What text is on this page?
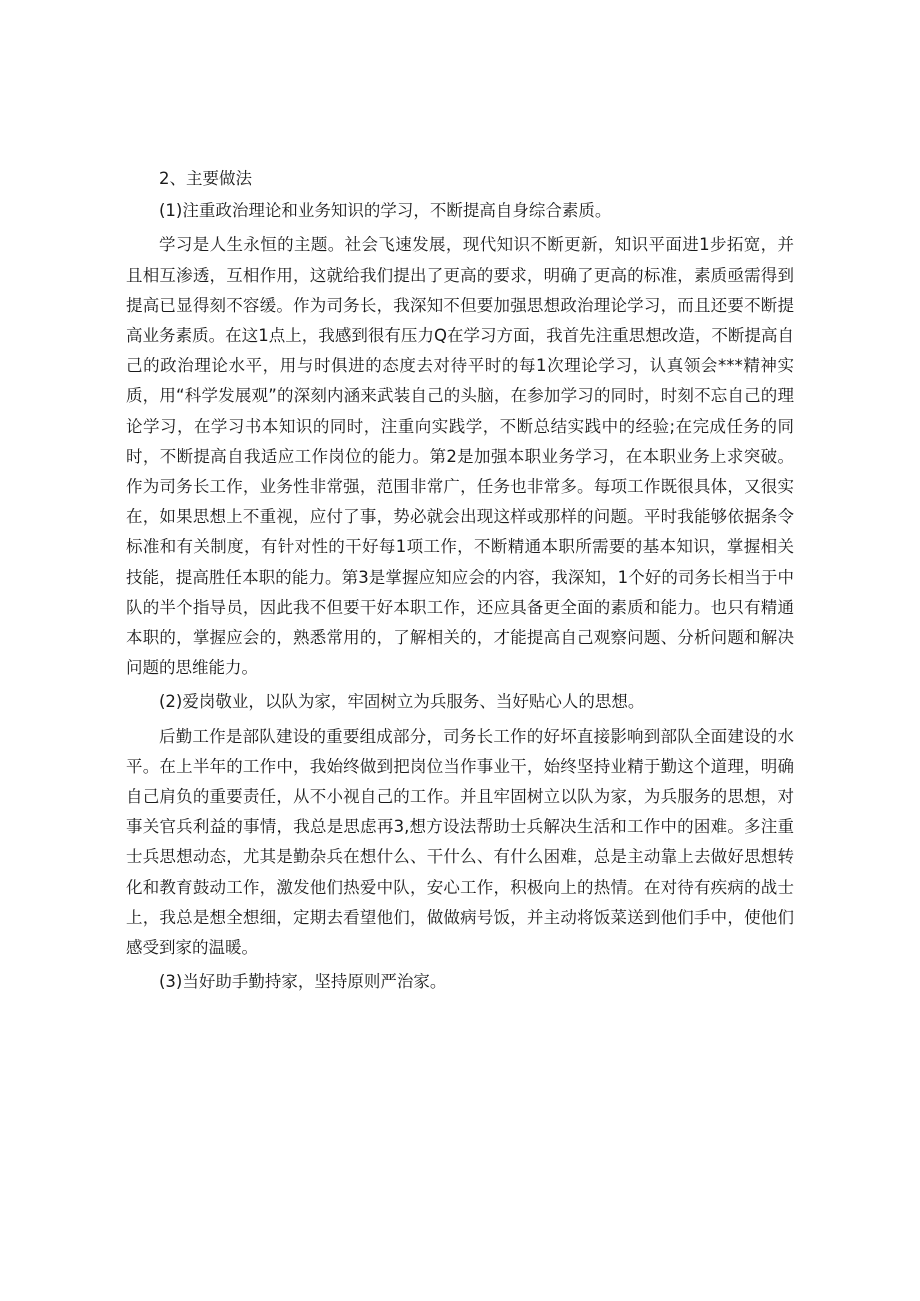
2、主要做法

(1)注重政治理论和业务知识的学习，不断提高自身综合素质。

学习是人生永恒的主题。社会飞速发展，现代知识不断更新，知识平面进1步拓宽，并且相互渗透，互相作用，这就给我们提出了更高的要求，明确了更高的标准，素质亟需得到提高已显得刻不容缓。作为司务长，我深知不但要加强思想政治理论学习，而且还要不断提高业务素质。在这1点上，我感到很有压力Q在学习方面，我首先注重思想改造，不断提高自己的政治理论水平，用与时俱进的态度去对待平时的每1次理论学习，认真领会***精神实质，用“科学发展观”的深刻内涵来武装自己的头脑，在参加学习的同时，时刻不忘自己的理论学习，在学习书本知识的同时，注重向实践学，不断总结实践中的经验;在完成任务的同时，不断提高自我适应工作岗位的能力。第2是加强本职业务学习，在本职业务上求突破。作为司务长工作，业务性非常强，范围非常广，任务也非常多。每项工作既很具体，又很实在，如果思想上不重视，应付了事，势必就会出现这样或那样的问题。平时我能够依据条令标准和有关制度，有针对性的干好每1项工作，不断精通本职所需要的基本知识，掌握相关技能，提高胜任本职的能力。第3是掌握应知应会的内容，我深知，1个好的司务长相当于中队的半个指导员，因此我不但要干好本职工作，还应具备更全面的素质和能力。也只有精通本职的，掌握应会的，熟悉常用的，了解相关的，才能提高自己观察问题、分析问题和解决问题的思维能力。

(2)爱岗敬业，以队为家，牢固树立为兵服务、当好贴心人的思想。

后勤工作是部队建设的重要组成部分，司务长工作的好坏直接影响到部队全面建设的水平。在上半年的工作中，我始终做到把岗位当作事业干，始终坚持业精于勤这个道理，明确自己肩负的重要责任，从不小视自己的工作。并且牢固树立以队为家，为兵服务的思想，对事关官兵利益的事情，我总是思虑再3,想方设法帮助士兵解决生活和工作中的困难。多注重士兵思想动态，尤其是勤杂兵在想什么、干什么、有什么困难，总是主动靠上去做好思想转化和教育鼓动工作，激发他们热爱中队，安心工作，积极向上的热情。在对待有疾病的战士上，我总是想全想细，定期去看望他们，做做病号饭，并主动将饭菜送到他们手中，使他们感受到家的温暖。

(3)当好助手勤持家，坚持原则严治家。
